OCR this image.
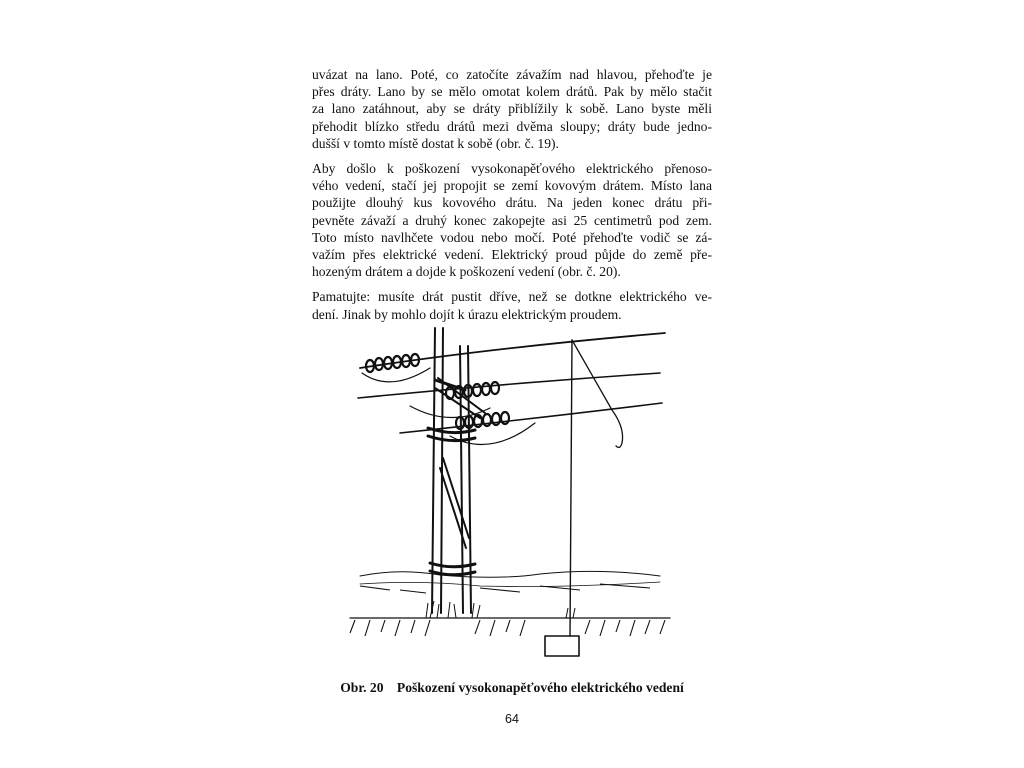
uvázat na lano. Poté, co zatočíte závažím nad hlavou, přehoďte je
přes dráty. Lano by se mělo omotat kolem drátů. Pak by mělo stačit
za lano zatáhnout, aby se dráty přiblížily k sobě. Lano byste měli
přehodit blízko středu drátů mezi dvěma sloupy; dráty bude jedno-
dušší v tomto místě dostat k sobě (obr. č. 19).

Aby došlo k poškození vysokonapěťového elektrického přenoso-
vého vedení, stačí jej propojit se zemí kovovým drátem. Místo lana
použijte dlouhý kus kovového drátu. Na jeden konec drátu při-
pevněte závaží a druhý konec zakopejte asi 25 centimetrů pod zem.
Toto místo navlhčete vodou nebo močí. Poté přehoďte vodič se zá-
važím přes elektrické vedení. Elektrický proud půjde do země pře-
hozeným drátem a dojde k poškození vedení (obr. č. 20).

Pamatujte: musíte drát pustit dříve, než se dotkne elektrického ve-
dení. Jinak by mohlo dojít k úrazu elektrickým proudem.

Obr. 20 Poškození vysokonapěťového elektrického vedení
64
